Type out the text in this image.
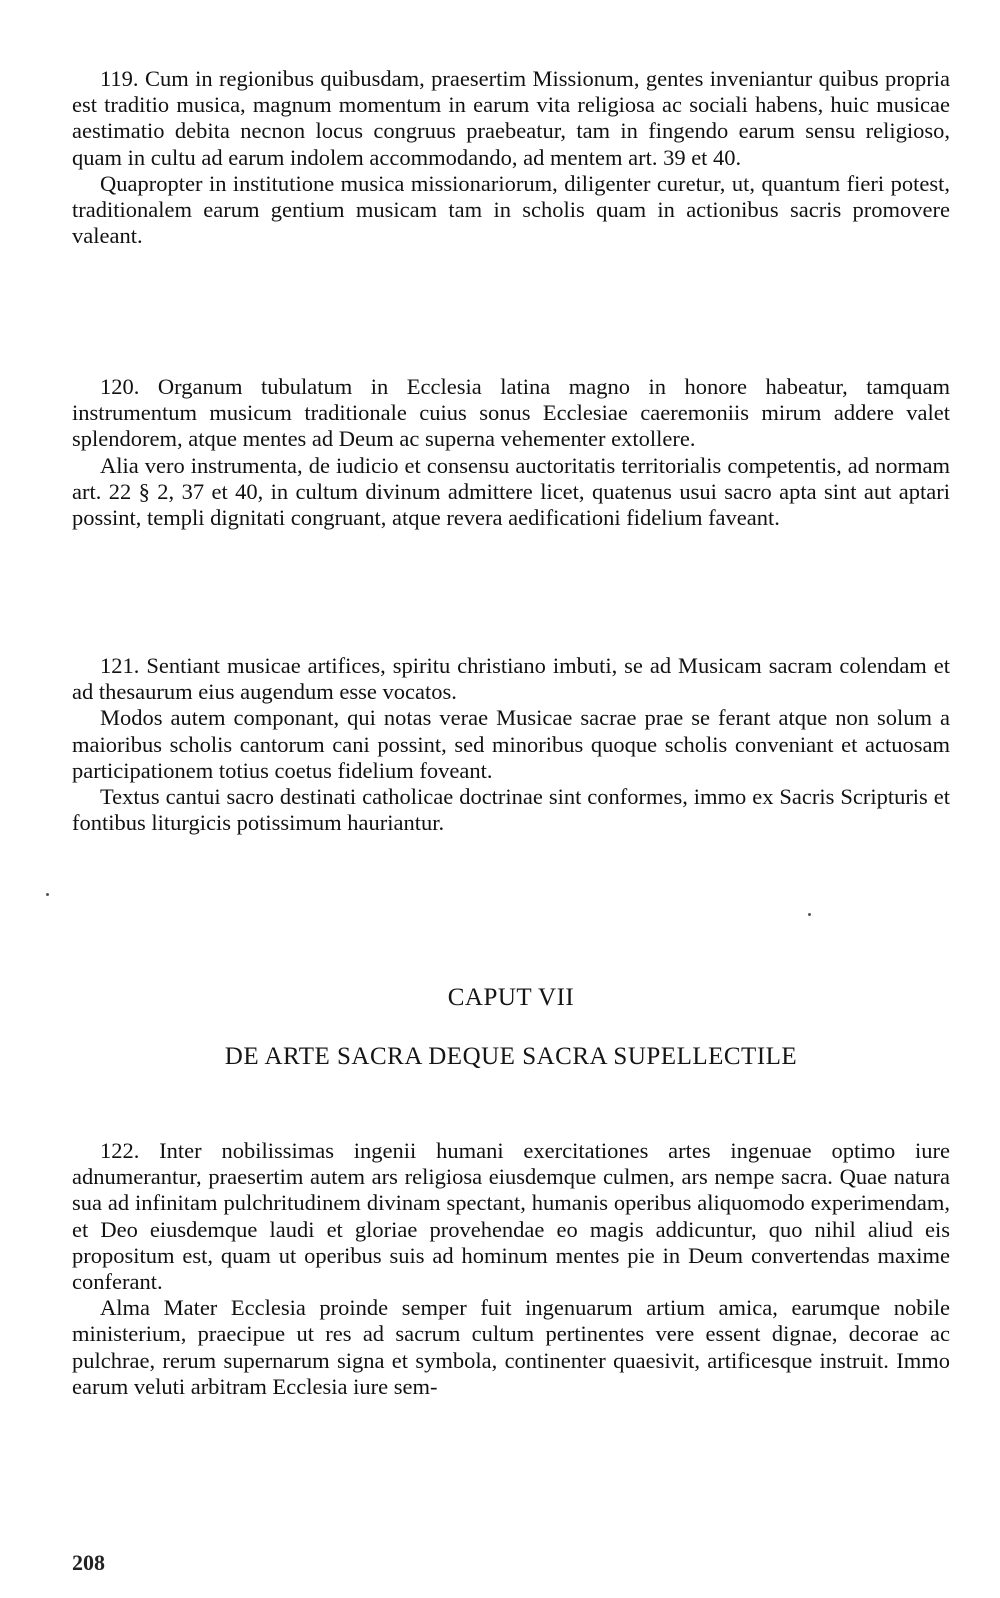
119. Cum in regionibus quibusdam, praesertim Missionum, gentes inveniantur quibus propria est traditio musica, magnum momentum in earum vita religiosa ac sociali habens, huic musicae aestimatio debita necnon locus congruus praebeatur, tam in fingendo earum sensu religioso, quam in cultu ad earum indolem accommodando, ad mentem art. 39 et 40.

Quapropter in institutione musica missionariorum, diligenter curetur, ut, quantum fieri potest, traditionalem earum gentium musicam tam in scholis quam in actionibus sacris promovere valeant.

120. Organum tubulatum in Ecclesia latina magno in honore habeatur, tamquam instrumentum musicum traditionale cuius sonus Ecclesiae caeremoniis mirum addere valet splendorem, atque mentes ad Deum ac superna vehementer extollere.

Alia vero instrumenta, de iudicio et consensu auctoritatis territorialis competentis, ad normam art. 22 § 2, 37 et 40, in cultum divinum admittere licet, quatenus usui sacro apta sint aut aptari possint, templi dignitati congruant, atque revera aedificationi fidelium faveant.

121. Sentiant musicae artifices, spiritu christiano imbuti, se ad Musicam sacram colendam et ad thesaurum eius augendum esse vocatos.

Modos autem componant, qui notas verae Musicae sacrae prae se ferant atque non solum a maioribus scholis cantorum cani possint, sed minoribus quoque scholis conveniant et actuosam participationem totius coetus fidelium foveant.

Textus cantui sacro destinati catholicae doctrinae sint conformes, immo ex Sacris Scripturis et fontibus liturgicis potissimum hauriantur.

CAPUT VII
DE ARTE SACRA DEQUE SACRA SUPELLECTILE

122. Inter nobilissimas ingenii humani exercitationes artes ingenuae optimo iure adnumerantur, praesertim autem ars religiosa eiusdemque culmen, ars nempe sacra. Quae natura sua ad infinitam pulchritudinem divinam spectant, humanis operibus aliquomodo experimendam, et Deo eiusdemque laudi et gloriae provehendae eo magis addicuntur, quo nihil aliud eis propositum est, quam ut operibus suis ad hominum mentes pie in Deum convertendas maxime conferant.

Alma Mater Ecclesia proinde semper fuit ingenuarum artium amica, earumque nobile ministerium, praecipue ut res ad sacrum cultum pertinentes vere essent dignae, decorae ac pulchrae, rerum supernarum signa et symbola, continenter quaesivit, artificesque instruit. Immo earum veluti arbitram Ecclesia iure sem-

208
